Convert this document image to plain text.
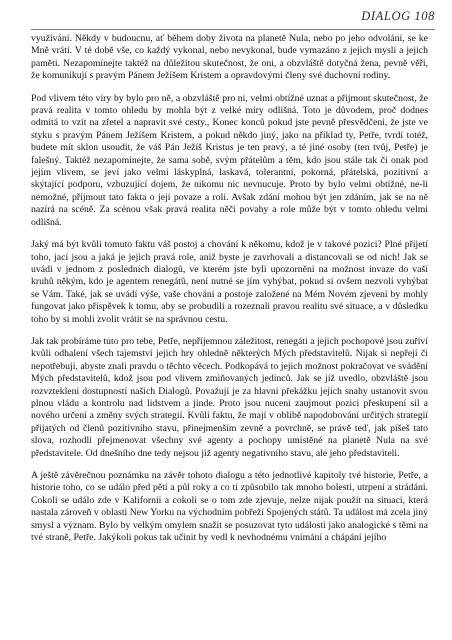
DIALOG 108

využívání. Někdy v budoucnu, ať během doby života na planetě Nula, nebo po jeho odvolání, se ke Mně vrátí. V té době vše, co každý vykonal, nebo nevykonal, bude vymazáno z jejich myslí a jejich paměti. Nezapomínejte taktéž na důležitou skutečnost, že oni, a obzvláště dotyčná žena, pevně věří, že komunikují s pravým Pánem Ježíšem Kristem a opravdovými členy své duchovní rodiny.

Pod vlivem této víry by bylo pro ně, a obzvláště pro ni, velmi obtížné uznat a přijmout skutečnost, že pravá realita v tomto ohledu by mohla být z velké míry odlišná. Toto je důvodem, proč dodnes odmítá to vzít na zřetel a napravit své cesty., Konec konců pokud jste pevně přesvědčeni, že jste ve styku s pravým Pánem Ježíšem Kristem, a pokud někdo jiný, jako na příklad ty, Petře, tvrdí totéž, budete mít sklon usoudit, že váš Pán Ježíš Kristus je ten pravý, a té jiné osoby (ten tvůj, Petře) je falešný. Taktéž nezapomínejte, že sama sobě, svým přátelům a těm, kdo jsou stále tak či onak pod jejím vlivem, se jeví jako velmi láskyplná, laskavá, tolerantní, pokorná, přátelská, pozitivní a skýtající podporu, vzbuzující dojem, že nikomu nic nevnucuje. Proto by bylo velmi obtížné, ne-li nemožné, přijmout tato fakta o její povaze a roli. Avšak zdání mohou být jen zdáním, jak se na ně nazírá na scéně. Za scénou však pravá realita něčí povahy a role může být v tomto ohledu velmi odlišná.

Jaký má být kvůli tomuto faktu váš postoj a chování k někomu, kdož je v takové pozici? Plné přijetí toho, jací jsou a jaká je jejich pravá role, aniž byste je zavrhovali a distancovali se od nich! Jak se uvádí v jednom z posledních dialogů, ve kterém jste byli upozorněni na možnost invaze do vaší kruhů někým, kdo je agentem renegátů, není nutné se jím vyhýbat, pokud si ovšem nezvolí vyhýbat se Vám. Také, jak se uvádí výše, vaše chování a postoje založené na Mém Novém zjevení by mohly fungovat jako příspěvek k tomu, aby se probudili a rozeznali pravou realitu své situace, a v důsledku toho by si mohli zvolit vrátit se na správnou cestu.

Jak tak probíráme tuto pro tebe, Petře, nepříjemnou záležitost, renegáti a jejich pochopové jsou zuřiví kvůli odhalení všech tajemství jejich hry ohledně některých Mých představitelů. Nijak si nepřejí či nepotřebují, abyste znali pravdu o těchto věcech. Podkopává to jejich možnost pokračovat ve svádění Mých představitelů, kdož jsou pod vlivem zmiňovaných jedinců. Jak se již uvedlo, obzvláště jsou rozvztekleni dostupností našich Dialogů. Považují je za hlavní překážku jejich snahy ustanovit svou plnou vládu a kontrolu nad lidstvem a jinde. Proto jsou nuceni zaujmout pozici přeskupení sil a nového určení a změny svých strategií. Kvůli faktu, že mají v oblibě napodobování určitých strategií přijatých od členů pozitivního stavu, přinejmenším zevně a povrchně, se právě teď, jak píšeš tato slova, rozhodli přejmenovat všechny své agenty a pochopy umístěné na planetě Nula na své představitele. Od dnešního dne tedy nejsou již agenty negativního stavu, ale jeho představiteli.

A ještě závěrečnou poznámku na závěr tohoto dialogu a této jednotlivé kapitoly tvé historie, Petře, a historie toho, co se událo před pěti a půl roky a co ti způsobilo tak mnoho bolesti, utrpení a strádání. Cokoli se událo zde v Kalifornii a cokoli se o tom zde zjevuje, nelze nijak použít na situaci, která nastala zároveň v oblasti New Yorku na východním pobřeží Spojených států. Ta událost má zcela jiný smysl a význam. Bylo by velkým omylem snažit se posuzovat tyto události jako analogické s těmi na tvé straně, Petře. Jakýkoli pokus tak učinit by vedl k nevhodnému vnímání a chápání jejího
